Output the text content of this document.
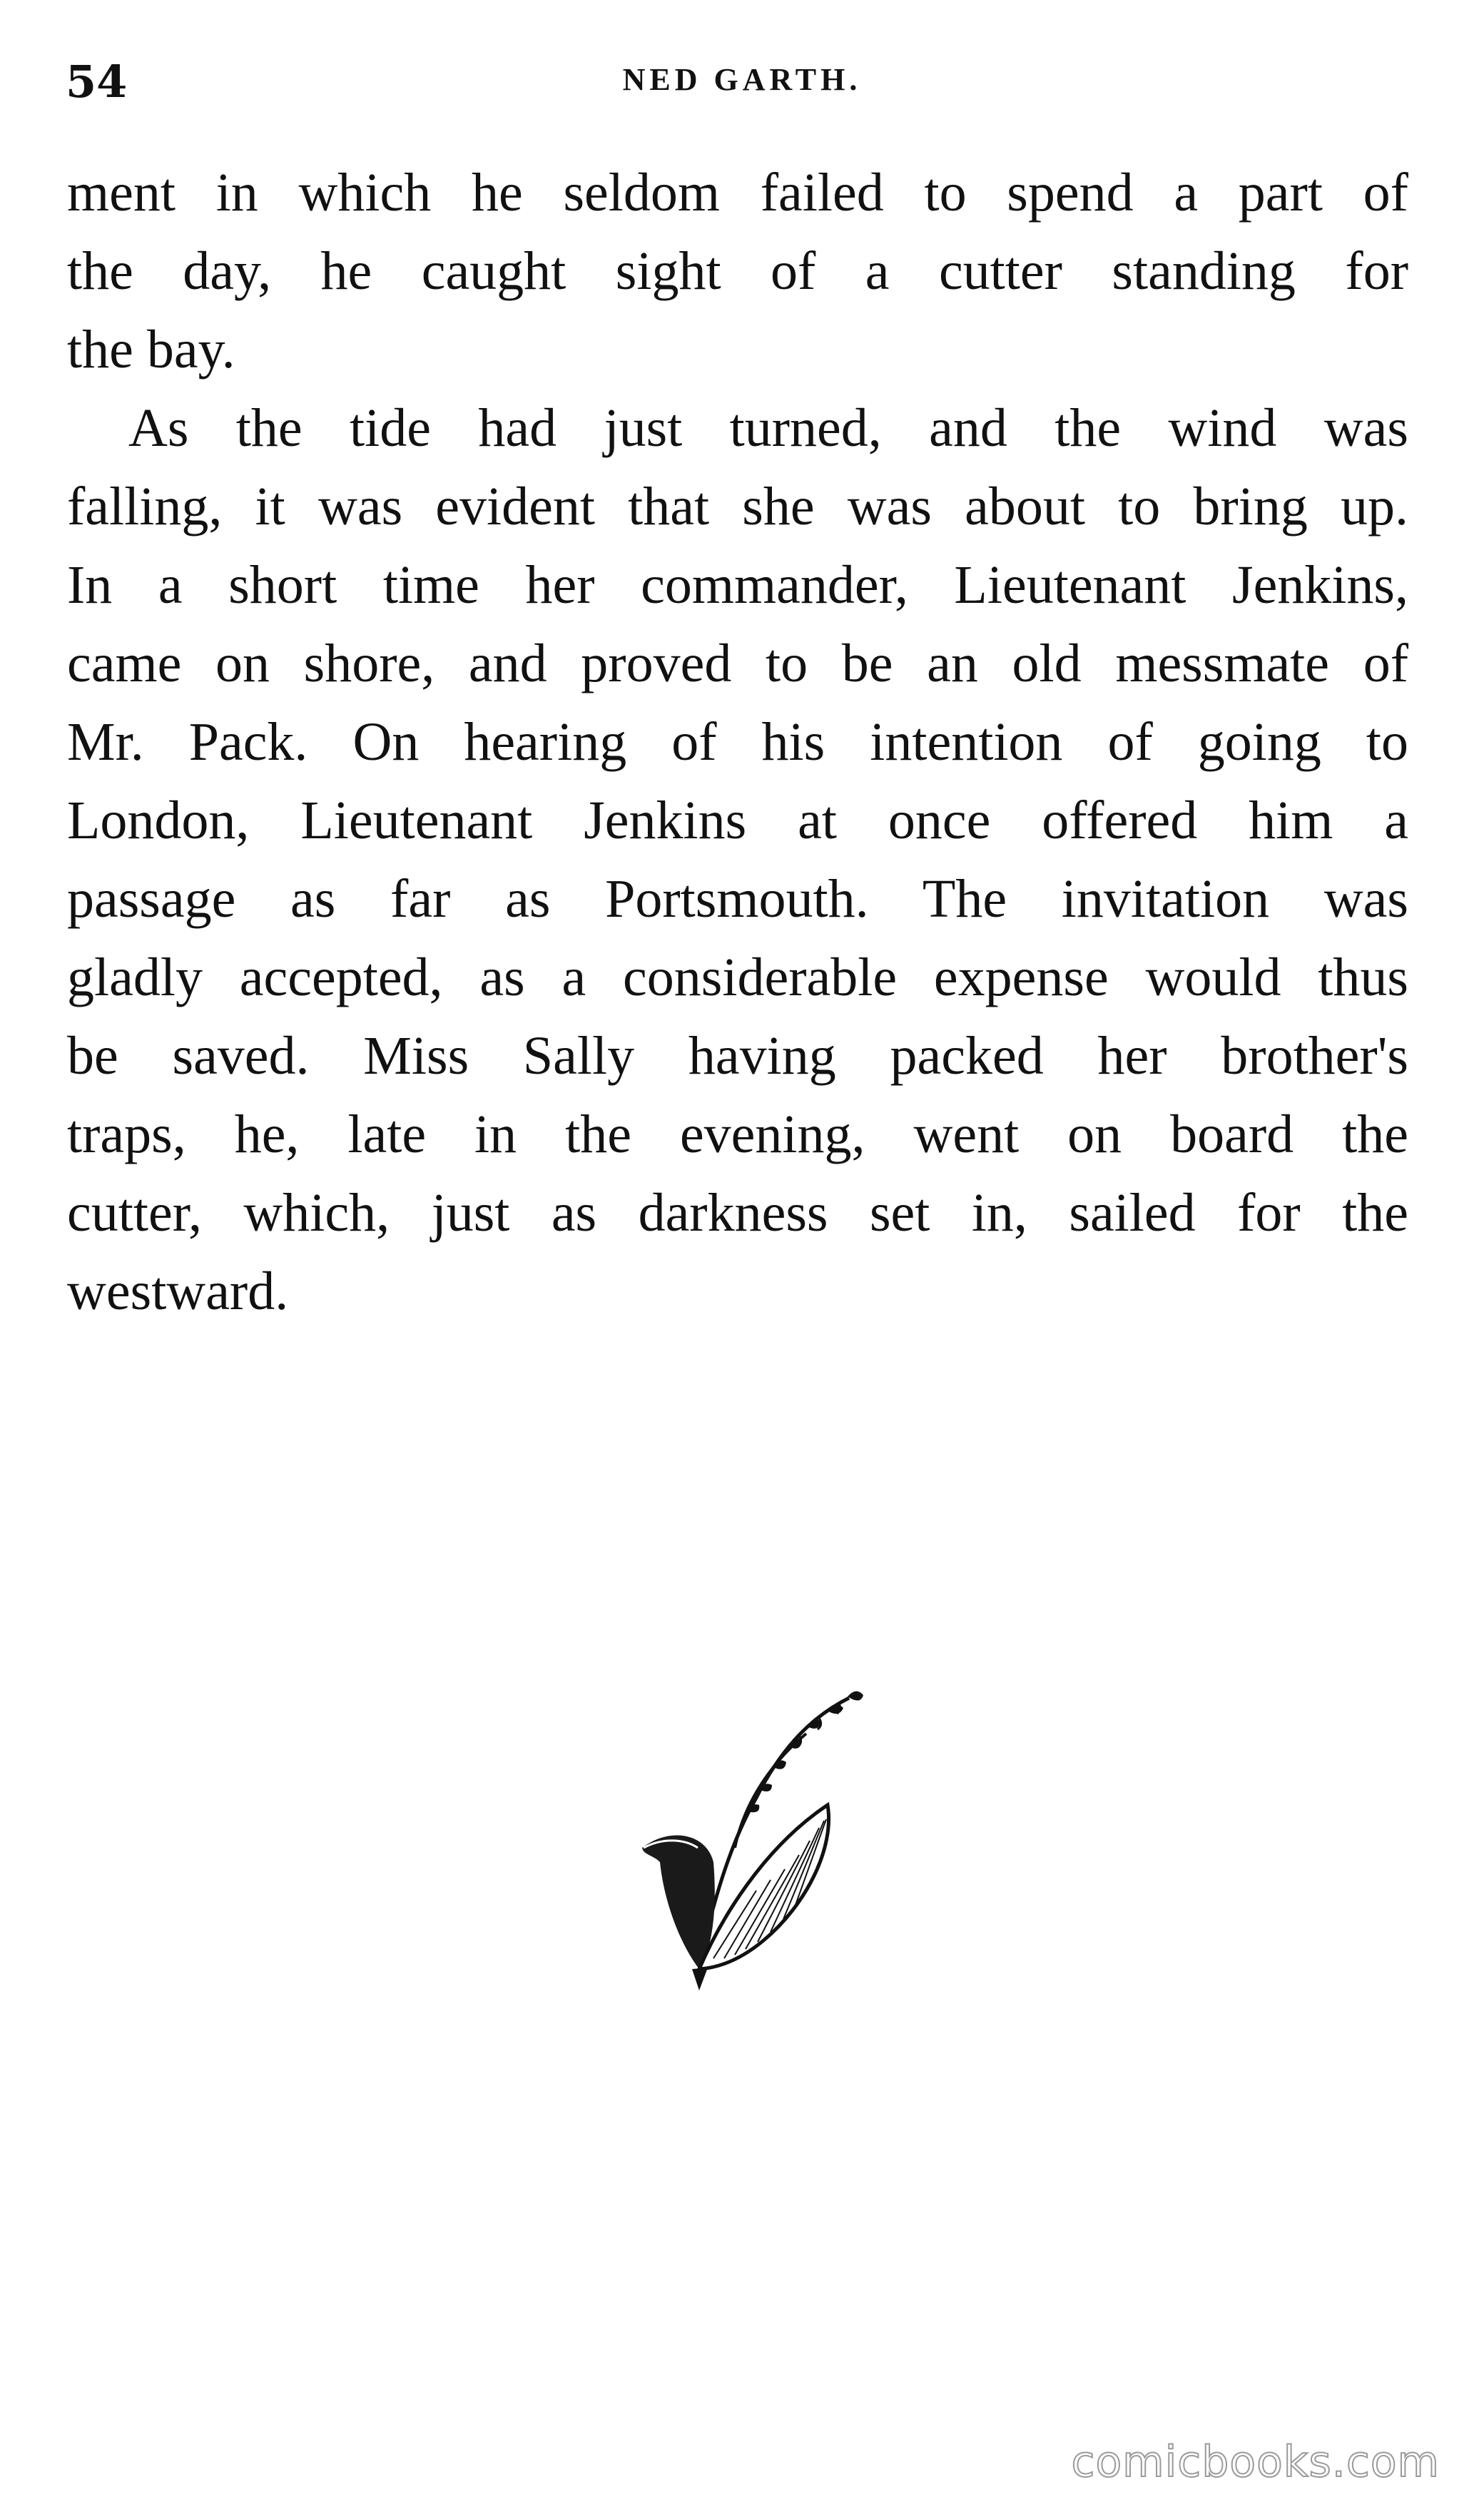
54	NED GARTH.
ment in which he seldom failed to spend a part of
the day, he caught sight of a cutter standing for
the bay.
As the tide had just turned, and the wind was
falling, it was evident that she was about to bring up.
In a short time her commander, Lieutenant Jenkins,
came on shore, and proved to be an old messmate of
Mr. Pack. On hearing of his intention of going to
London, Lieutenant Jenkins at once offered him a
passage as far as Portsmouth. The invitation was
gladly accepted, as a considerable expense would thus
be saved. Miss Sally having packed her brother's
traps, he, late in the evening, went on board the
cutter, which, just as darkness set in, sailed for the
westward.
comicbooks.com
